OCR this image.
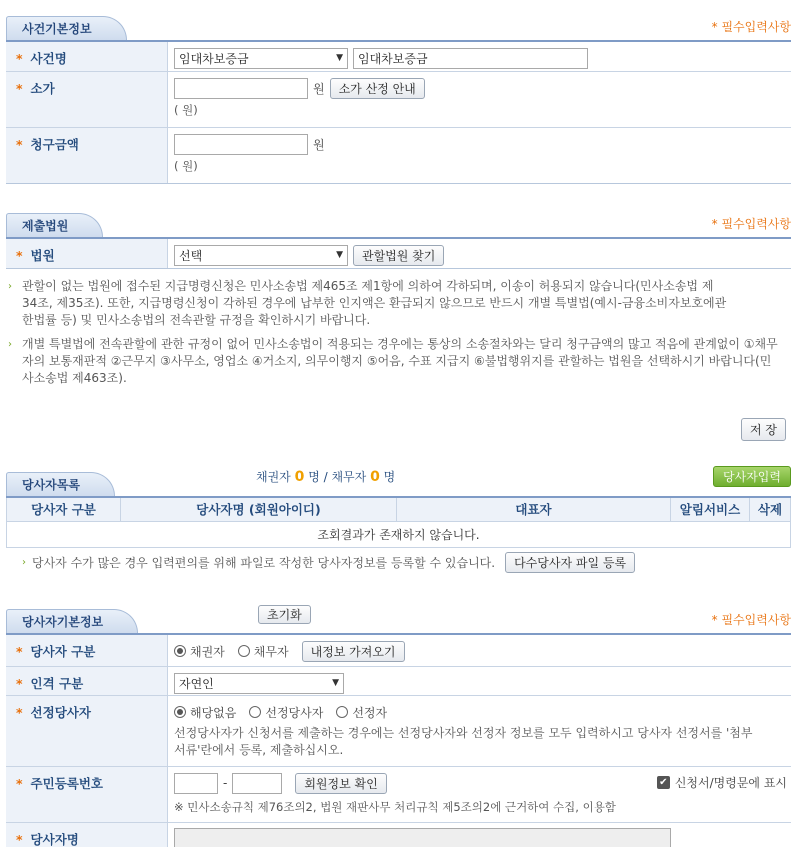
사건기본정보	* 필수입력사항
* 사건명	임대차보증금	▼	임대차보증금
* 소가	원	소가 산정 안내
( 원)
* 청구금액	원
( 원)
제출법원	* 필수입력사항
* 법원	선택	▼	관할법원 찾기
› 관할이 없는 법원에 접수된 지급명령신청은 민사소송법 제465조 제1항에 의하여 각하되며, 이송이 허용되지 않습니다(민사소송법 제34조, 제35조). 또한, 지급명령신청이 각하된 경우에 납부한 인지액은 환급되지 않으므로 반드시 개별 특별법(예시-금융소비자보호에관한법률 등) 및 민사소송법의 전속관할 규정을 확인하시기 바랍니다.
› 개별 특별법에 전속관할에 관한 규정이 없어 민사소송법이 적용되는 경우에는 통상의 소송절차와는 달리 청구금액의 많고 적음에 관계없이 ①채무자의 보통재판적 ②근무지 ③사무소, 영업소 ④거소지, 의무이행지 ⑤어음, 수표 지급지 ⑥불법행위지를 관할하는 법원을 선택하시기 바랍니다(민사소송법 제463조).
저 장
당사자목록
채권자 0 명 / 채무자 0 명	당사자입력
당사자 구분	당사자명 (회원아이디)	대표자	알림서비스	삭제
조회결과가 존재하지 않습니다.
› 당사자 수가 많은 경우 입력편의를 위해 파일로 작성한 당사자정보를 등록할 수 있습니다.	다수당사자 파일 등록
당사자기본정보	초기화	* 필수입력사항
* 당사자 구분	채권자 채무자	내정보 가져오기
* 인격 구분	자연인	▼
* 선정당사자	해당없음 선정당사자 선정자
선정당사자가 신청서를 제출하는 경우에는 선정당사자와 선정자 정보를 모두 입력하시고 당사자 선정서를 '첨부서류'란에서 등록, 제출하십시오.
* 주민등록번호	-	회원정보 확인	✔ 신청서/명령문에 표시
※ 민사소송규칙 제76조의2, 법원 재판사무 처리규칙 제5조의2에 근거하여 수집, 이용함
* 당사자명
